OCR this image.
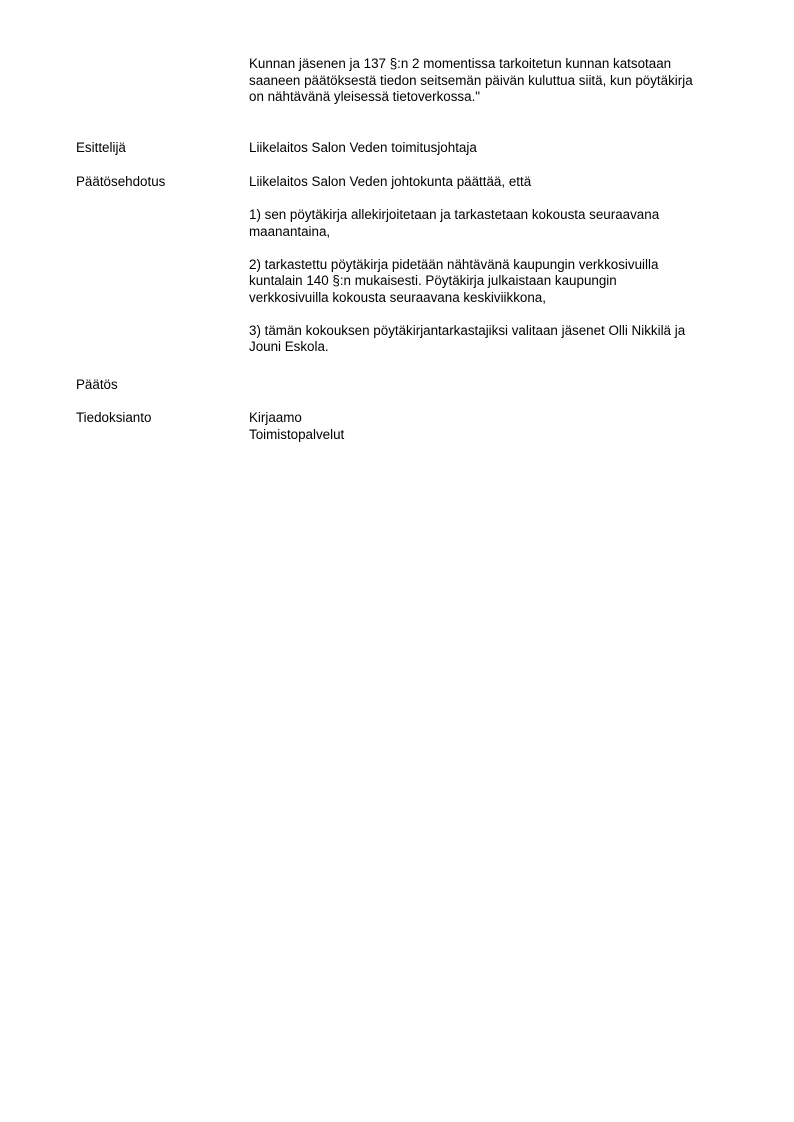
Kunnan jäsenen ja 137 §:n 2 momentissa tarkoitetun kunnan katsotaan
saaneen päätöksestä tiedon seitsemän päivän kuluttua siitä, kun pöytäkirja
on nähtävänä yleisessä tietoverkossa."
Esittelijä	Liikelaitos Salon Veden toimitusjohtaja
Päätösehdotus	Liikelaitos Salon Veden johtokunta päättää, että

1) sen pöytäkirja allekirjoitetaan ja tarkastetaan kokousta seuraavana
maanantaina,

2) tarkastettu pöytäkirja pidetään nähtävänä kaupungin verkkosivuilla
kuntalain 140 §:n mukaisesti. Pöytäkirja julkaistaan kaupungin
verkkosivuilla kokousta seuraavana keskiviikkona,

3) tämän kokouksen pöytäkirjantarkastajiksi valitaan jäsenet Olli Nikkilä ja
Jouni Eskola.

Päätös
Tiedoksianto	Kirjaamo
Toimistopalvelut
